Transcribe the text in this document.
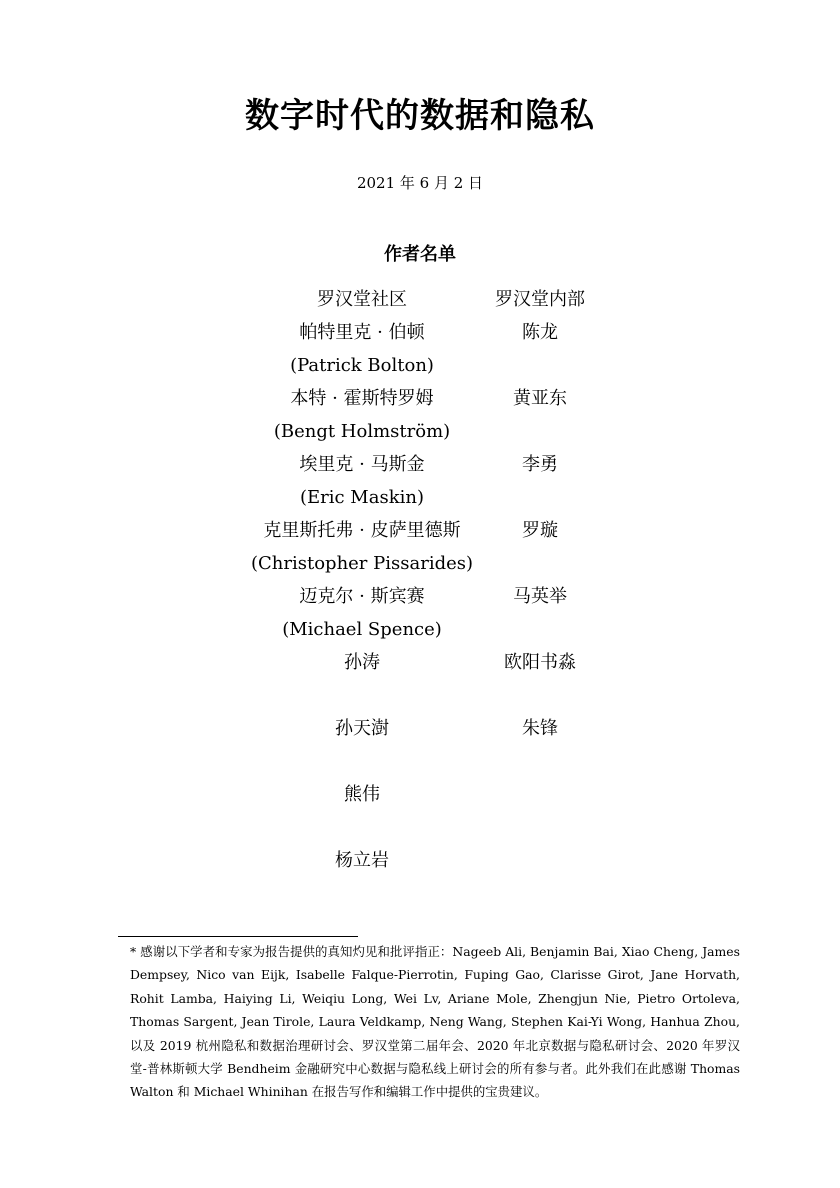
数字时代的数据和隐私
2021 年 6 月 2 日
作者名单
罗汉堂社区
帕特里克 · 伯顿
(Patrick Bolton)
本特 · 霍斯特罗姆
(Bengt Holmström)
埃里克 · 马斯金
(Eric Maskin)
克里斯托弗 · 皮萨里德斯
(Christopher Pissarides)
迈克尔 · 斯宾赛
(Michael Spence)
孙涛
孙天澍
熊伟
杨立岩
罗汉堂内部
陈龙
黄亚东
李勇
罗璇
马英举
欧阳书淼
朱锋
* 感谢以下学者和专家为报告提供的真知灼见和批评指正：Nageeb Ali, Benjamin Bai, Xiao Cheng, James Dempsey, Nico van Eijk, Isabelle Falque-Pierrotin, Fuping Gao, Clarisse Girot, Jane Horvath, Rohit Lamba, Haiying Li, Weiqiu Long, Wei Lv, Ariane Mole, Zhengjun Nie, Pietro Ortoleva, Thomas Sargent, Jean Tirole, Laura Veldkamp, Neng Wang, Stephen Kai-Yi Wong, Hanhua Zhou, 以及 2019 杭州隐私和数据治理研讨会、罗汉堂第二届年会、2020 年北京数据与隐私研讨会、2020 年罗汉堂-普林斯顿大学 Bendheim 金融研究中心数据与隐私线上研讨会的所有参与者。此外我们在此感谢 Thomas Walton 和 Michael Whinihan 在报告写作和编辑工作中提供的宝贵建议。
